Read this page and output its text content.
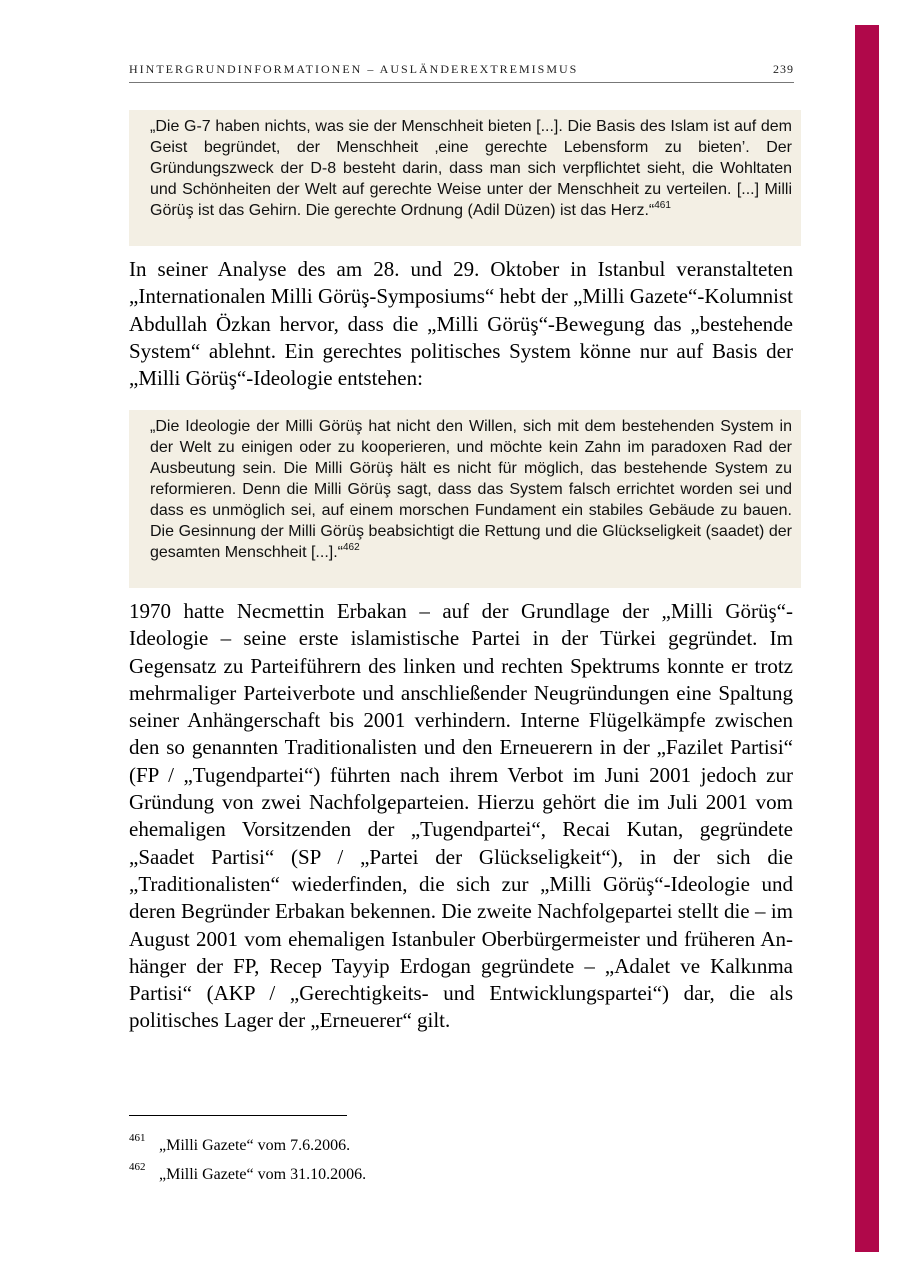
HINTERGRUNDINFORMATIONEN – AUSLÄNDEREXTREMISMUS	239
„Die G-7 haben nichts, was sie der Menschheit bieten [...]. Die Basis des Islam ist auf dem Geist begründet, der Menschheit ‚eine gerechte Lebensform zu bieten’. Der Gründungszweck der D-8 besteht darin, dass man sich verpflichtet sieht, die Wohltaten und Schönheiten der Welt auf gerechte Weise unter der Menschheit zu verteilen. [...] Milli Görüş ist das Gehirn. Die gerechte Ordnung (Adil Düzen) ist das Herz.“$^{461}$

In seiner Analyse des am 28. und 29. Oktober in Istanbul veranstalteten „Internationalen Milli Görüş-Symposiums“ hebt der „Milli Gazete“-Kolumnist Abdullah Özkan hervor, dass die „Milli Görüş“-Bewegung das „bestehende System“ ablehnt. Ein gerechtes politisches System könne nur auf Basis der „Milli Görüş“-Ideologie entstehen:

„Die Ideologie der Milli Görüş hat nicht den Willen, sich mit dem bestehenden System in der Welt zu einigen oder zu kooperieren, und möchte kein Zahn im paradoxen Rad der Ausbeutung sein. Die Milli Görüş hält es nicht für möglich, das bestehende System zu reformieren. Denn die Milli Görüş sagt, dass das System falsch errichtet worden sei und dass es unmöglich sei, auf einem morschen Fundament ein stabiles Gebäude zu bauen. Die Gesinnung der Milli Görüş beabsichtigt die Rettung und die Glückseligkeit (saadet) der gesamten Menschheit [...].“$^{462}$

1970 hatte Necmettin Erbakan – auf der Grundlage der „Milli Görüş“-Ideologie – seine erste islamistische Partei in der Türkei gegründet. Im Gegensatz zu Parteiführern des linken und rechten Spektrums konnte er trotz mehrmaliger Parteiverbote und anschließender Neugründungen eine Spaltung seiner Anhängerschaft bis 2001 verhindern. Interne Flügelkämpfe zwischen den so genannten Traditionalisten und den Erneuerern in der „Fazilet Partisi“ (FP / „Tugendpartei“) führten nach ihrem Verbot im Juni 2001 jedoch zur Gründung von zwei Nachfolgeparteien. Hierzu gehört die im Juli 2001 vom ehemaligen Vorsitzenden der „Tugendpartei“, Recai Kutan, gegründete „Saadet Partisi“ (SP / „Partei der Glückseligkeit“), in der sich die „Traditionalisten“ wiederfinden, die sich zur „Milli Görüş“-Ideologie und deren Begründer Erbakan bekennen. Die zweite Nachfolgepartei stellt die – im August 2001 vom ehemaligen Istanbuler Oberbürgermeister und früheren Anhänger der FP, Recep Tayyip Erdogan gegründete – „Adalet ve Kalkınma Partisi“ (AKP / „Gerechtigkeits- und Entwicklungspartei“) dar, die als politisches Lager der „Erneuerer“ gilt.

461 „Milli Gazete“ vom 7.6.2006.
462 „Milli Gazete“ vom 31.10.2006.
